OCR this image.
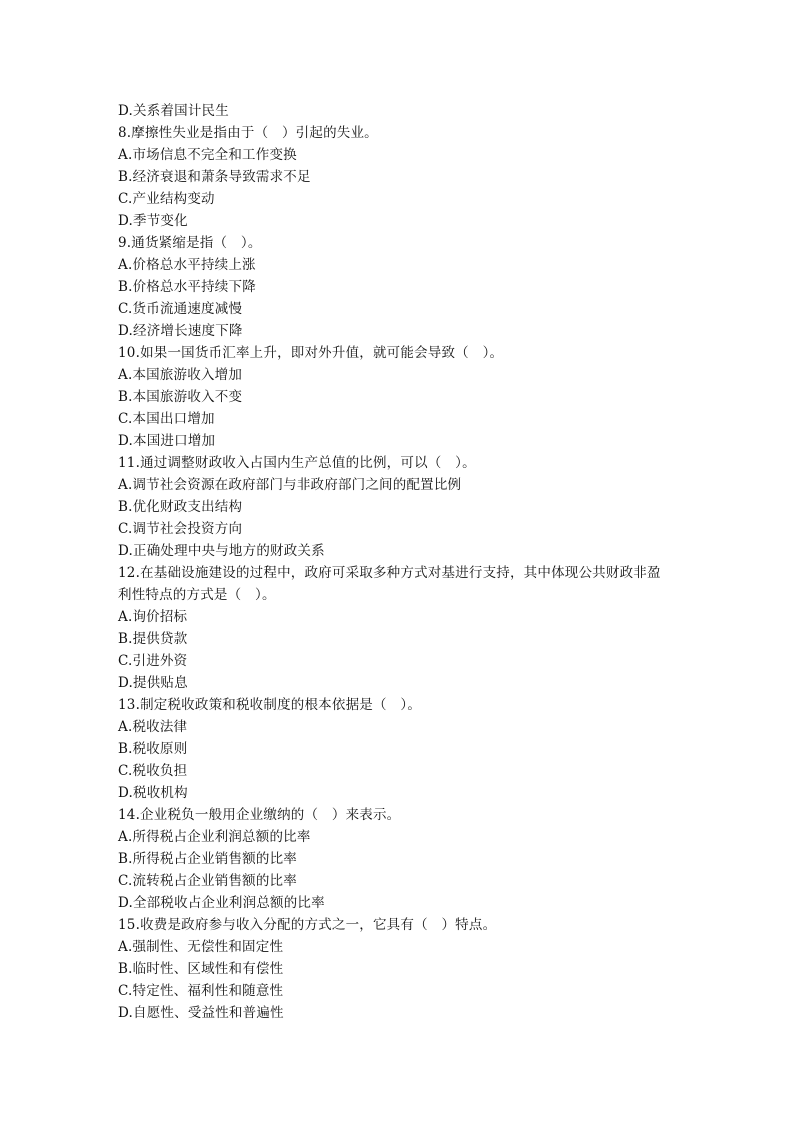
D.关系着国计民生
8.摩擦性失业是指由于（　）引起的失业。
A.市场信息不完全和工作变换
B.经济衰退和萧条导致需求不足
C.产业结构变动
D.季节变化
9.通货紧缩是指（　）。
A.价格总水平持续上涨
B.价格总水平持续下降
C.货币流通速度减慢
D.经济增长速度下降
10.如果一国货币汇率上升，即对外升值，就可能会导致（　）。
A.本国旅游收入增加
B.本国旅游收入不变
C.本国出口增加
D.本国进口增加
11.通过调整财政收入占国内生产总值的比例，可以（　）。
A.调节社会资源在政府部门与非政府部门之间的配置比例
B.优化财政支出结构
C.调节社会投资方向
D.正确处理中央与地方的财政关系
12.在基础设施建设的过程中，政府可采取多种方式对基进行支持，其中体现公共财政非盈
利性特点的方式是（　）。
A.询价招标
B.提供贷款
C.引进外资
D.提供贴息
13.制定税收政策和税收制度的根本依据是（　）。
A.税收法律
B.税收原则
C.税收负担
D.税收机构
14.企业税负一般用企业缴纳的（　）来表示。
A.所得税占企业利润总额的比率
B.所得税占企业销售额的比率
C.流转税占企业销售额的比率
D.全部税收占企业利润总额的比率
15.收费是政府参与收入分配的方式之一，它具有（　）特点。
A.强制性、无偿性和固定性
B.临时性、区域性和有偿性
C.特定性、福利性和随意性
D.自愿性、受益性和普遍性
